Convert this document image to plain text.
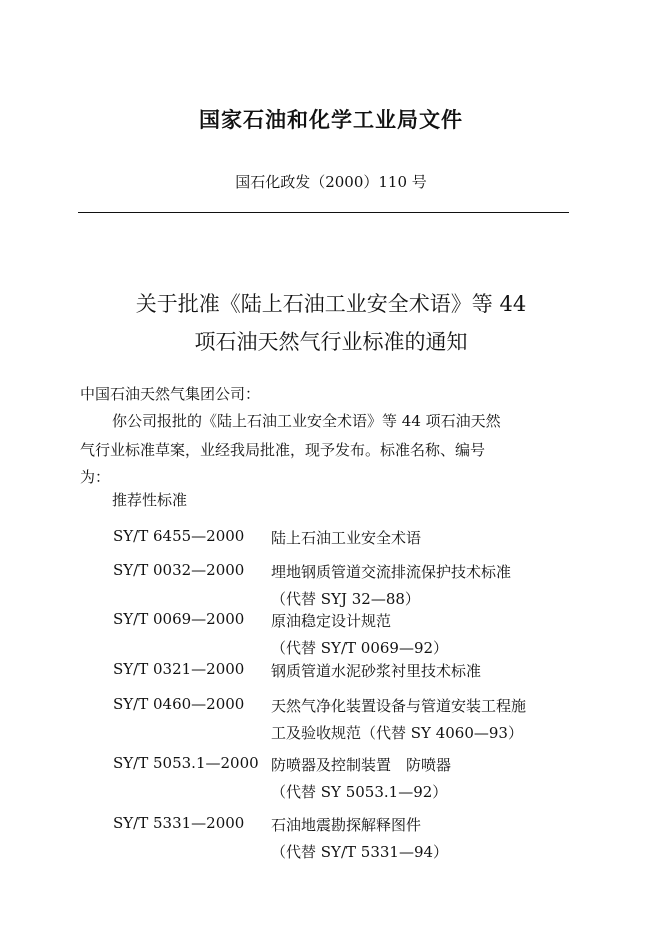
国家石油和化学工业局文件
国石化政发（2000）110 号
关于批准《陆上石油工业安全术语》等 44
项石油天然气行业标准的通知
中国石油天然气集团公司：
你公司报批的《陆上石油工业安全术语》等 44 项石油天然
气行业标准草案，业经我局批准，现予发布。标准名称、编号
为：
推荐性标准
SY/T 6455—2000 陆上石油工业安全术语
SY/T 0032—2000 埋地钢质管道交流排流保护技术标准
（代替 SYJ 32—88）
SY/T 0069—2000 原油稳定设计规范
（代替 SY/T 0069—92）
SY/T 0321—2000 钢质管道水泥砂浆衬里技术标准
SY/T 0460—2000 天然气净化装置设备与管道安装工程施
工及验收规范（代替 SY 4060—93）
SY/T 5053.1—2000 防喷器及控制装置　防喷器
（代替 SY 5053.1—92）
SY/T 5331—2000 石油地震勘探解释图件
（代替 SY/T 5331—94）
